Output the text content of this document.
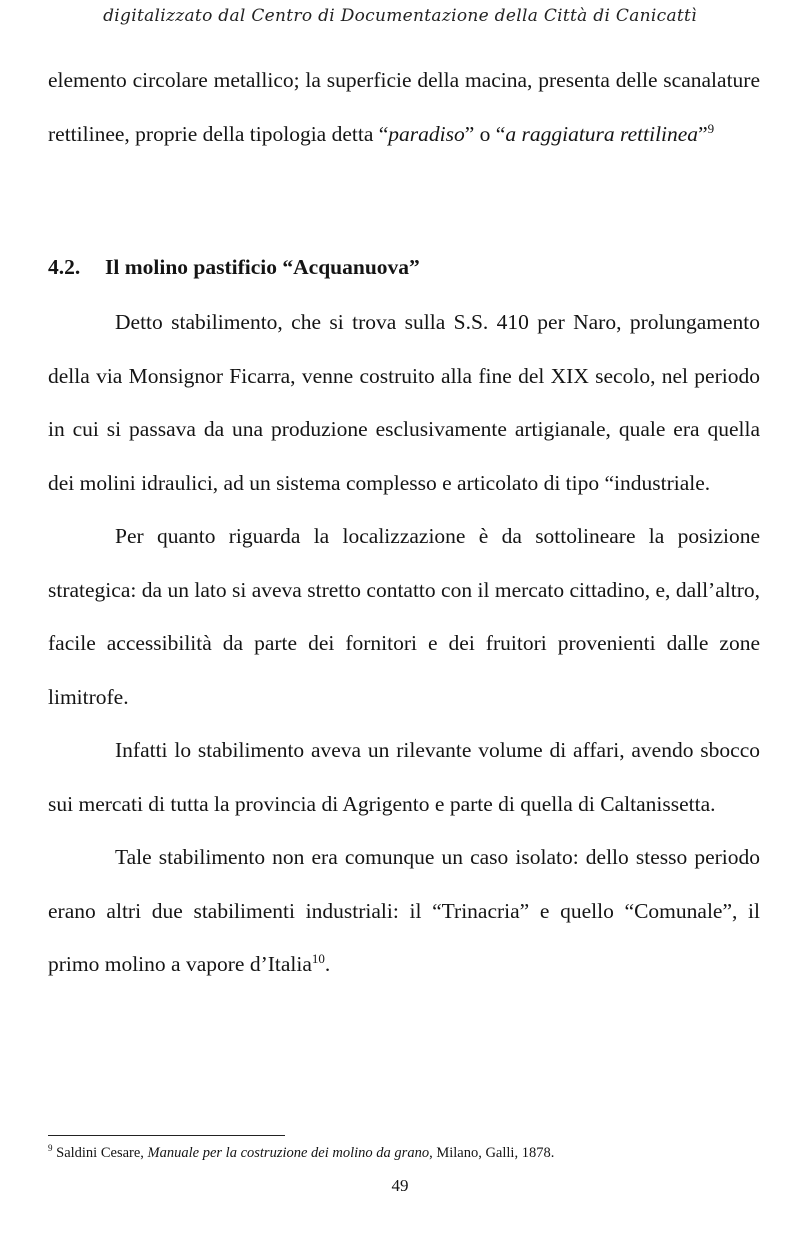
digitalizzato dal Centro di Documentazione della Città di Canicattì

elemento circolare metallico; la superficie della macina, presenta delle scanalature rettilinee, proprie della tipologia detta “paradiso” o “a raggiatura rettilinea”$^9$

4.2. Il molino pastificio “Acquanuova”

Detto stabilimento, che si trova sulla S.S. 410 per Naro, prolungamento della via Monsignor Ficarra, venne costruito alla fine del XIX secolo, nel periodo in cui si passava da una produzione esclusivamente artigianale, quale era quella dei molini idraulici, ad un sistema complesso e articolato di tipo “industriale.

Per quanto riguarda la localizzazione è da sottolineare la posizione strategica: da un lato si aveva stretto contatto con il mercato cittadino, e, dall’altro, facile accessibilità da parte dei fornitori e dei fruitori provenienti dalle zone limitrofe.

Infatti lo stabilimento aveva un rilevante volume di affari, avendo sbocco sui mercati di tutta la provincia di Agrigento e parte di quella di Caltanissetta.

Tale stabilimento non era comunque un caso isolato: dello stesso periodo erano altri due stabilimenti industriali: il “Trinacria” e quello “Comunale”, il primo molino a vapore d’Italia$^{10}$.

$^9$ Saldini Cesare, Manuale per la costruzione dei molino da grano, Milano, Galli, 1878.

49
